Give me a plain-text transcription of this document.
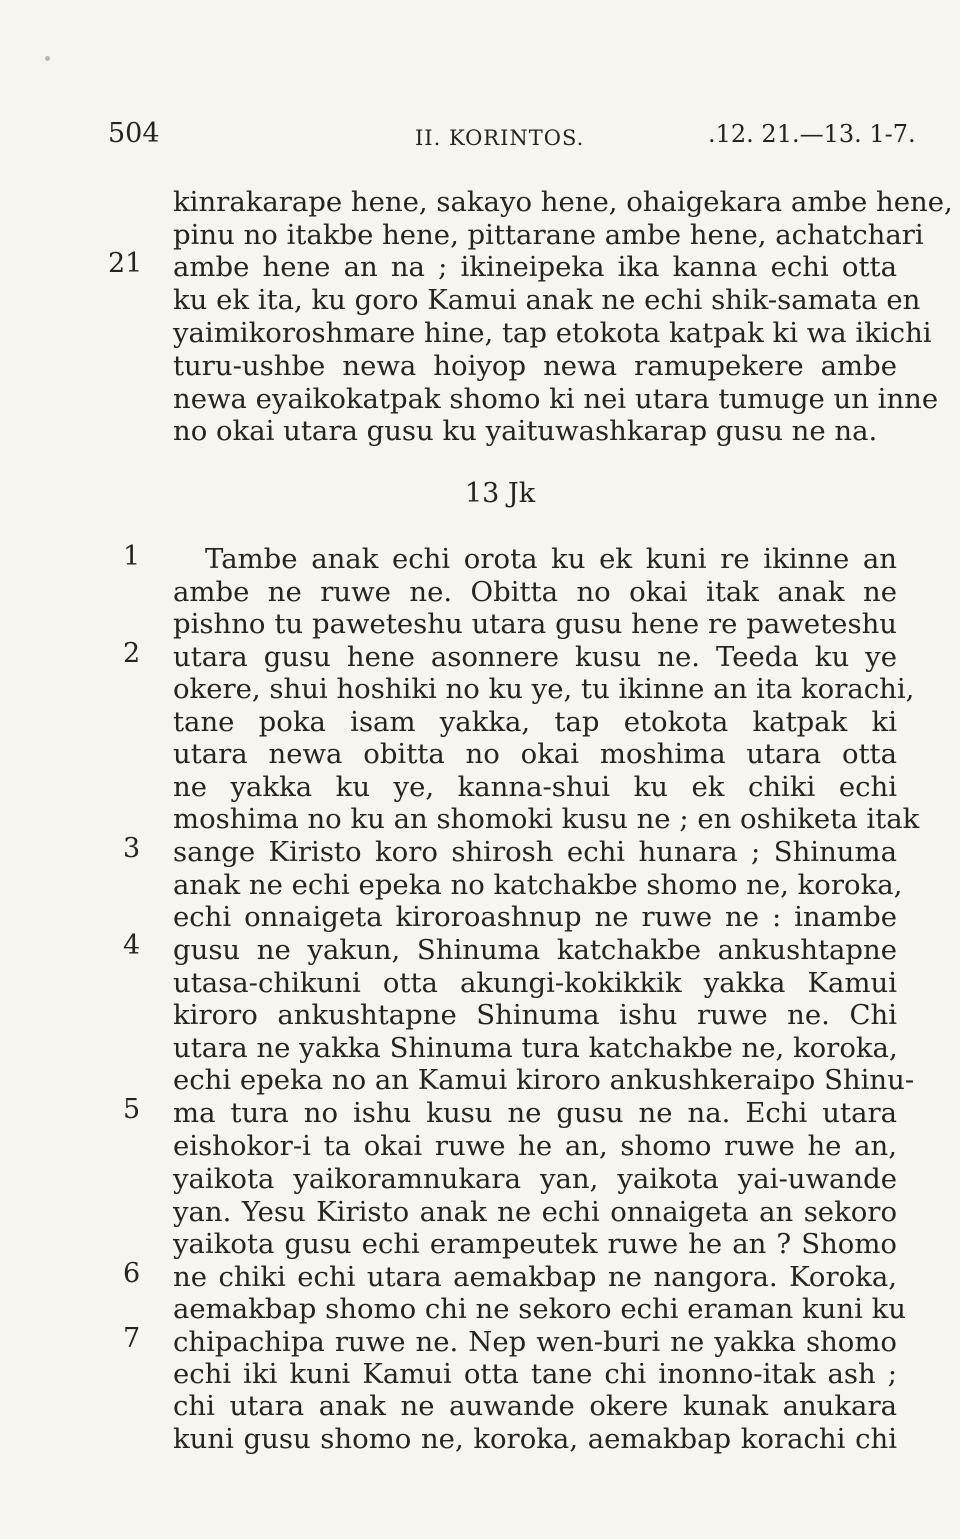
504	II. KORINTOS.	.12. 21.—13. 1-7.
21
1
2
3
4
5
6
7
kinrakarape hene, sakayo hene, ohaigekara ambe hene,
pinu no itakbe hene, pittarane ambe hene, achatchari
ambe hene an na ; ikineipeka ika kanna echi otta
ku ek ita, ku goro Kamui anak ne echi shik-samata en
yaimikoroshmare hine, tap etokota katpak ki wa ikichi
turu-ushbe newa hoiyop newa ramupekere ambe
newa eyaikokatpak shomo ki nei utara tumuge un inne
no okai utara gusu ku yaituwashkarap gusu ne na.
13 Jk
Tambe anak echi orota ku ek kuni re ikinne an
ambe ne ruwe ne. Obitta no okai itak anak ne
pishno tu paweteshu utara gusu hene re paweteshu
utara gusu hene asonnere kusu ne. Teeda ku ye
okere, shui hoshiki no ku ye, tu ikinne an ita korachi,
tane poka isam yakka, tap etokota katpak ki
utara newa obitta no okai moshima utara otta
ne yakka ku ye, kanna-shui ku ek chiki echi
moshima no ku an shomoki kusu ne ; en oshiketa itak
sange Kiristo koro shirosh echi hunara ; Shinuma
anak ne echi epeka no katchakbe shomo ne, koroka,
echi onnaigeta kiroroashnup ne ruwe ne : inambe
gusu ne yakun, Shinuma katchakbe ankushtapne
utasa-chikuni otta akungi-kokikkik yakka Kamui
kiroro ankushtapne Shinuma ishu ruwe ne. Chi
utara ne yakka Shinuma tura katchakbe ne, koroka,
echi epeka no an Kamui kiroro ankushkeraipo Shinu-
ma tura no ishu kusu ne gusu ne na. Echi utara
eishokor-i ta okai ruwe he an, shomo ruwe he an,
yaikota yaikoramnukara yan, yaikota yai-uwande
yan. Yesu Kiristo anak ne echi onnaigeta an sekoro
yaikota gusu echi erampeutek ruwe he an ? Shomo
ne chiki echi utara aemakbap ne nangora. Koroka,
aemakbap shomo chi ne sekoro echi eraman kuni ku
chipachipa ruwe ne. Nep wen-buri ne yakka shomo
echi iki kuni Kamui otta tane chi inonno-itak ash ;
chi utara anak ne auwande okere kunak anukara
kuni gusu shomo ne, koroka, aemakbap korachi chi
